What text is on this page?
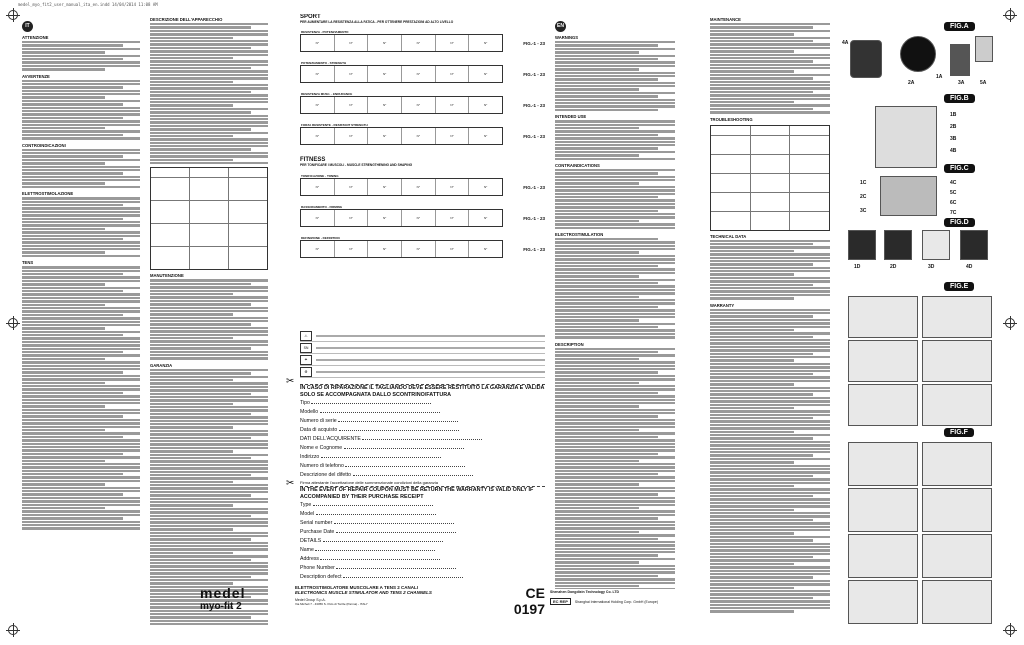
medel_myo_fit2_user_manual_ita_en.indd 14/04/2014 11:08 AM
IT
ATTENZIONE
AVVERTENZE
CONTROINDICAZIONI
ELETTROSTIMOLAZIONE
TENS
DESCRIZIONE DELL'APPARECCHIO
MANUTENZIONE
GARANZIA
SPORT
PER AUMENTARE LA RESISTENZA ALLA FATICA - PER OTTENERE PRESTAZIONI AD ALTO LIVELLO
RESISTENZA - POTENZIAMENTO
N°	N°	N°	N°	N°	N°	FIG.-1 - 23
POTENZIAMENTO - STRENGTH
N°	N°	N°	N°	N°	N°	FIG.-1 - 23
RESISTENZA MUSC. - ENDURANCE
N°	N°	N°	N°	N°	N°	FIG.-1 - 23
FORZA RESISTENTE - RESISTANT STRENGTH
N°	N°	N°	N°	N°	N°	FIG.-1 - 23
FITNESS
PER TONIFICARE I MUSCOLI - MUSCLE STRENGTHENING AND SHAPING
TONIFICAZIONE - TONING
N°	N°	N°	N°	N°	N°	FIG.-1 - 23
RASSODAMENTO - FIRMING
N°	N°	N°	N°	N°	N°	FIG.-1 - 23
DEFINIZIONE - DEFINITION
N°	N°	N°	N°	N°	N°	FIG.-1 - 23
⚠
SN
☂
♻
IN CASO DI RIPARAZIONE IL TAGLIANDO DEVE ESSERE RESTITUITO LA GARANZIA È VALIDA SOLO SE ACCOMPAGNATA DALLO SCONTRINO/FATTURA
Tipo
Modello
Numero di serie
Data di acquisto
DATI DELL'ACQUIRENTE
Nome e Cognome
Indirizzo
Numero di telefono
Descrizione del difetto
Firma attestante l'accettazione delle summenzionate condizioni della garanzia
IN THE EVENT OF REPAIR COUPON MUST BE RETURN THE WARRANTY IS VALID ONLY IF ACCOMPANIED BY THEIR PURCHASE RECEIPT
Type
Model
Serial number
Purchase Date
DETAILS
Name
Address
Phone Number
Description defect
medel
myo-fit 2
ELETTROSTIMOLATORE MUSCOLARE A TENS 2 CANALI
ELECTRONICS MUSCLE STIMULATOR AND TENS 2 CHANNELS
Medel Group S.p.A.
Via Micheli 7 - 43056 S. Polo di Torrile (Parma) - ITALY
CE 0197
Shenzhen Dongdixin Technology Co. LTD
EC REP	Shanghai International Holding Corp. GmbH (Europe)
EN
WARNINGS
INTENDED USE
CONTRAINDICATIONS
ELECTROSTIMULATION
DESCRIPTION
MAINTENANCE
TROUBLESHOOTING
TECHNICAL DATA
WARRANTY
FIG.A
4A
1A
2A	3A	5A
FIG.B
1B
2B
3B
4B
FIG.C
1C
2C
3C
4C
5C
6C
7C
FIG.D
1D	2D	3D	4D
FIG.E
FIG.F
✂
✂
